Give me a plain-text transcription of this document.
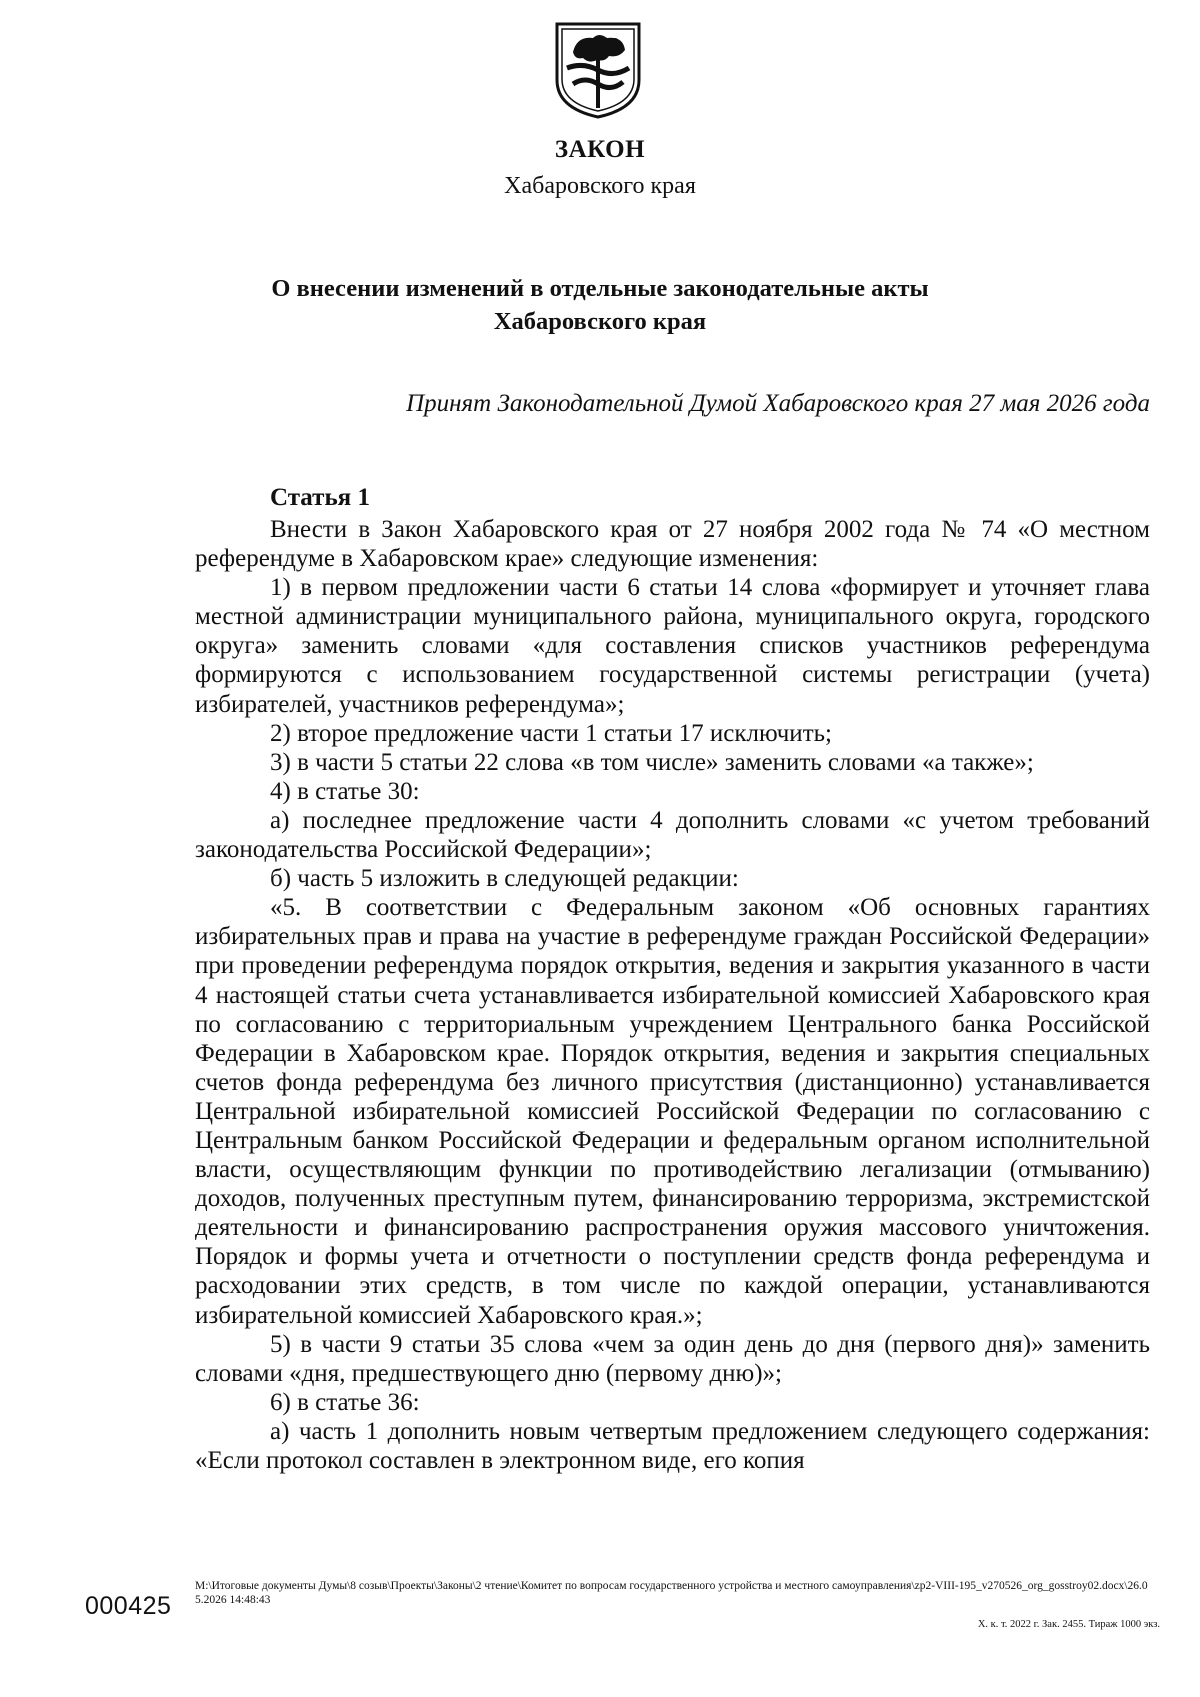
ЗАКОН
Хабаровского края
О внесении изменений в отдельные законодательные акты
Хабаровского края
Принят Законодательной Думой Хабаровского края 27 мая 2026 года
Статья 1

Внести в Закон Хабаровского края от 27 ноября 2002 года № 74 «О местном референдуме в Хабаровском крае» следующие изменения:

1) в первом предложении части 6 статьи 14 слова «формирует и уточняет глава местной администрации муниципального района, муниципального округа, городского округа» заменить словами «для составления списков участников референдума формируются с использованием государственной системы регистрации (учета) избирателей, участников референдума»;

2) второе предложение части 1 статьи 17 исключить;

3) в части 5 статьи 22 слова «в том числе» заменить словами «а также»;

4) в статье 30:

а) последнее предложение части 4 дополнить словами «с учетом требований законодательства Российской Федерации»;

б) часть 5 изложить в следующей редакции:

«5. В соответствии с Федеральным законом «Об основных гарантиях избирательных прав и права на участие в референдуме граждан Российской Федерации» при проведении референдума порядок открытия, ведения и закрытия указанного в части 4 настоящей статьи счета устанавливается избирательной комиссией Хабаровского края по согласованию с территориальным учреждением Центрального банка Российской Федерации в Хабаровском крае. Порядок открытия, ведения и закрытия специальных счетов фонда референдума без личного присутствия (дистанционно) устанавливается Центральной избирательной комиссией Российской Федерации по согласованию с Центральным банком Российской Федерации и федеральным органом исполнительной власти, осуществляющим функции по противодействию легализации (отмыванию) доходов, полученных преступным путем, финансированию терроризма, экстремистской деятельности и финансированию распространения оружия массового уничтожения. Порядок и формы учета и отчетности о поступлении средств фонда референдума и расходовании этих средств, в том числе по каждой операции, устанавливаются избирательной комиссией Хабаровского края.»;

5) в части 9 статьи 35 слова «чем за один день до дня (первого дня)» заменить словами «дня, предшествующего дню (первому дню)»;

6) в статье 36:

а) часть 1 дополнить новым четвертым предложением следующего содержания: «Если протокол составлен в электронном виде, его копия

000425
M:\Итоговые документы Думы\8 созыв\Проекты\Законы\2 чтение\Комитет по вопросам государственного устройства и местного самоуправления\zp2-VIII-195_v270526_org_gosstroy02.docx\26.05.2026 14:48:43
Х. к. т. 2022 г. Зак. 2455. Тираж 1000 экз.
